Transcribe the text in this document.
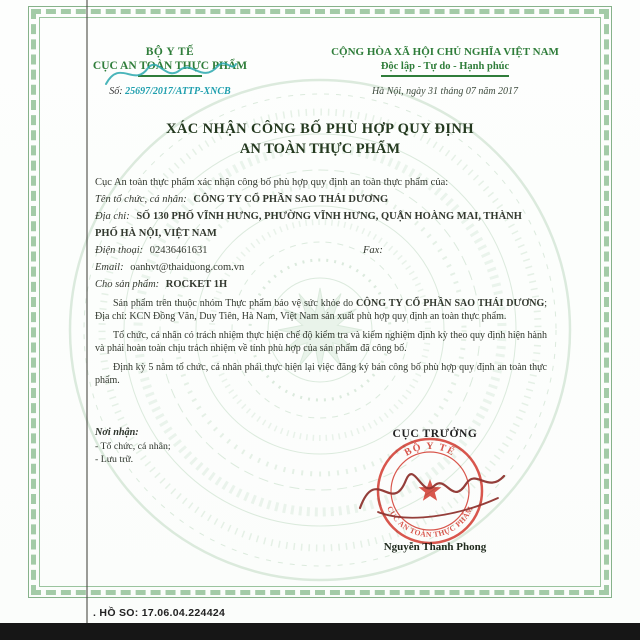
BỘ Y TẾ
CỤC AN TOÀN THỰC PHẨM
Số: 25697/2017/ATTP-XNCB
CỘNG HÒA XÃ HỘI CHỦ NGHĨA VIỆT NAM
Độc lập - Tự do - Hạnh phúc
Hà Nội, ngày 31 tháng 07 năm 2017
XÁC NHẬN CÔNG BỐ PHÙ HỢP QUY ĐỊNH
AN TOÀN THỰC PHẨM
Cục An toàn thực phẩm xác nhận công bố phù hợp quy định an toàn thực phẩm của:
Tên tổ chức, cá nhân: CÔNG TY CỔ PHẦN SAO THÁI DƯƠNG
Địa chỉ: SỐ 130 PHỐ VĨNH HƯNG, PHƯỜNG VĨNH HƯNG, QUẬN HOÀNG MAI, THÀNH PHỐ HÀ NỘI, VIỆT NAM
Điện thoại: 02436461631	Fax:
Email: oanhvt@thaiduong.com.vn
Cho sản phẩm: ROCKET 1H

Sản phẩm trên thuộc nhóm Thực phẩm bảo vệ sức khỏe do CÔNG TY CỔ PHẦN SAO THÁI DƯƠNG; Địa chỉ: KCN Đồng Văn, Duy Tiên, Hà Nam, Việt Nam sản xuất phù hợp quy định an toàn thực phẩm.

Tổ chức, cá nhân có trách nhiệm thực hiện chế độ kiểm tra và kiểm nghiệm định kỳ theo quy định hiện hành và phải hoàn toàn chịu trách nhiệm về tính phù hợp của sản phẩm đã công bố.

Định kỳ 5 năm tổ chức, cá nhân phải thực hiện lại việc đăng ký bản công bố phù hợp quy định an toàn thực phẩm.

Nơi nhận:
- Tổ chức, cá nhân;
- Lưu trữ.
CỤC TRƯỞNG
BỘ Y TẾ
CỤC AN TOÀN THỰC PHẨM
Nguyễn Thanh Phong
. HỒ SO: 17.06.04.224424
